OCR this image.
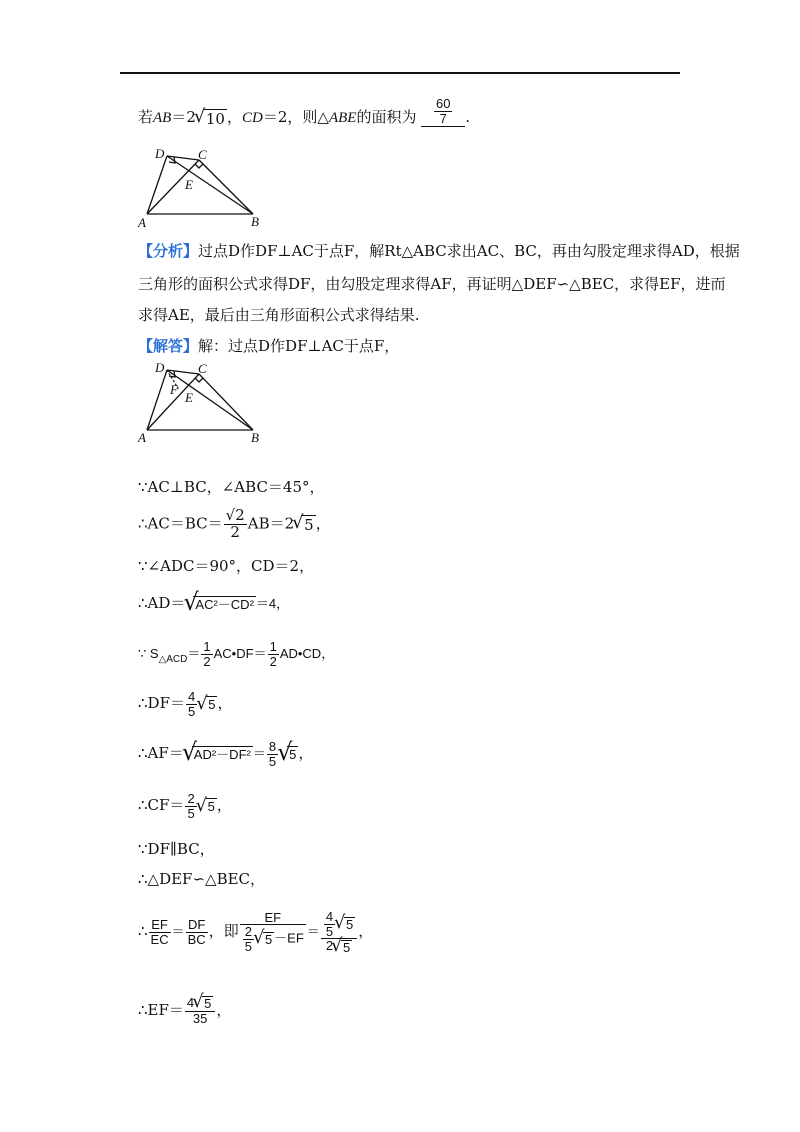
若AB＝2√ 10 ，CD＝2，则△ABE的面积为 $\frac{60}{7}$ .
D	C
E
A	B
【分析】过点D作DF⊥AC于点F，解Rt△ABC求出AC、BC，再由勾股定理求得AD，根据
三角形的面积公式求得DF，由勾股定理求得AF，再证明△DEF∽△BEC，求得EF，进而
求得AE，最后由三角形面积公式求得结果.
【解答】解：过点D作DF⊥AC于点F，
D	C
F
E
A	B
∵AC⊥BC，∠ABC＝45°，
∴AC＝BC＝ $\frac{√2}{2} AB=2√$ 5 ，
∵∠ADC＝90°，CD＝2，
∴AD＝√ AC²－CD² ＝4，
∵ $S_{\triangle ACD}= \frac{1}{2}$ AC•DF＝ $\frac{1}{2}$ AD•CD，
∴DF＝ $\frac{4}{5}$
√ 5 ，
∴AF＝√ $AD^2-DF^2 = \frac{8}{5}$
√ 5 ，
∴CF＝ $\frac{2}{5}$
√ 5 ，
∵DF∥BC，
∴△DEF∽△BEC，
∴ $\frac{EF}{EC} = \frac{DF}{BC}$ ，即 EF
$\frac{2}{5}$
√ $5 -EF = \frac{4}{5}$
√ 5
2√ 5 ，
∴EF＝ $\frac{4√ 5}{35}$ ，
